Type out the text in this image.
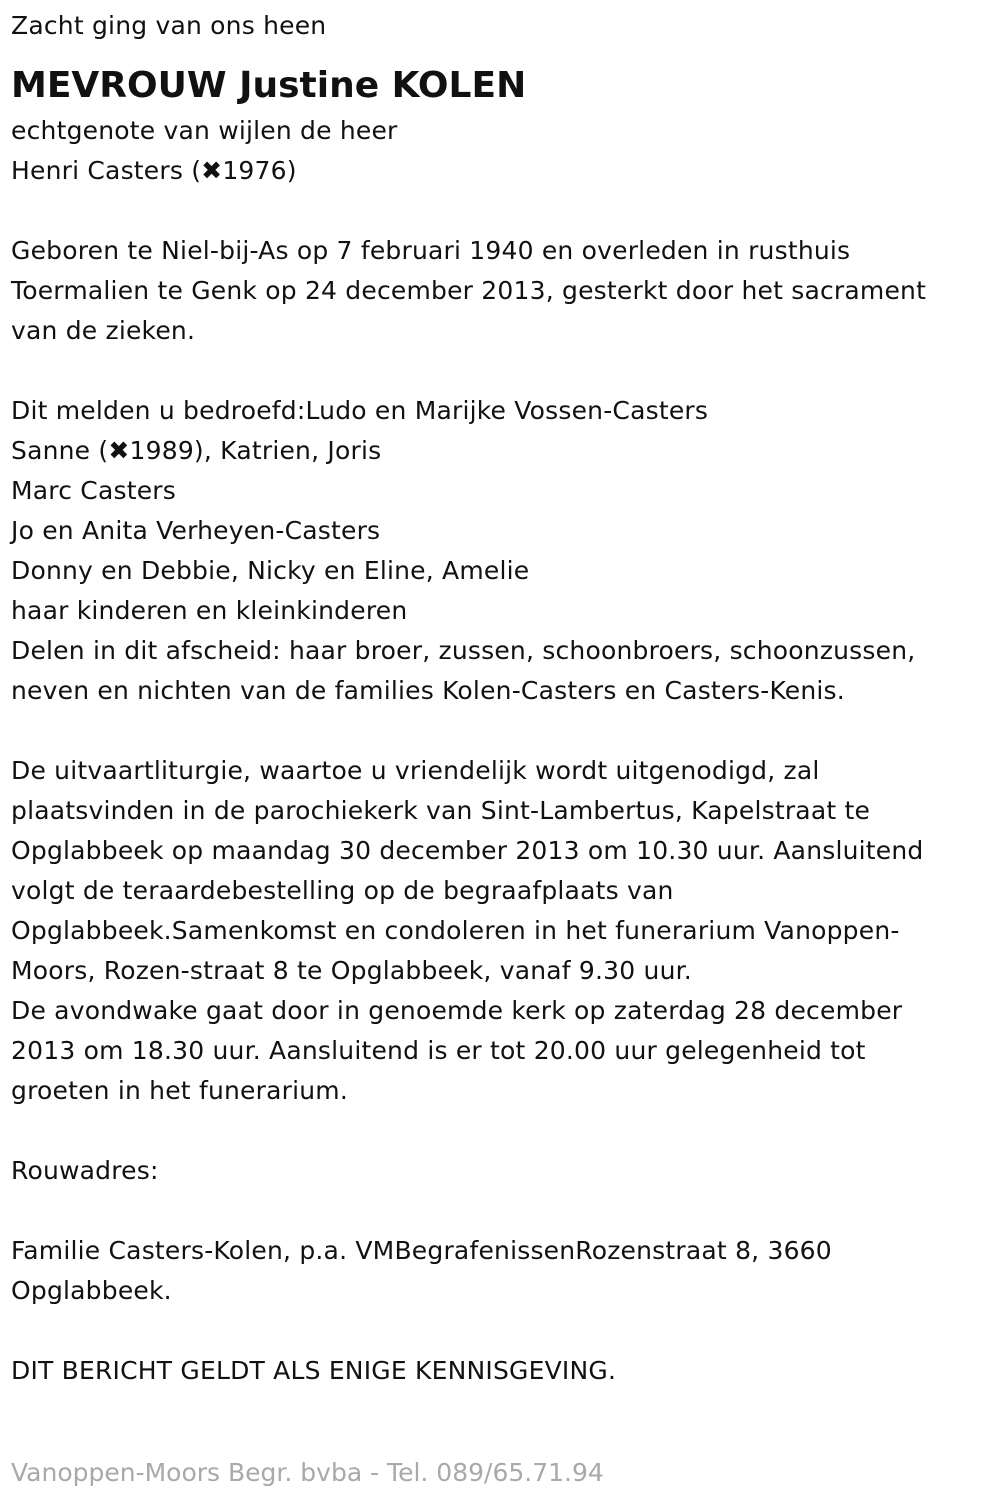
Zacht ging van ons heen

MEVROUW Justine KOLEN

echtgenote van wijlen de heer

Henri Casters (✖1976)

Geboren te Niel-bij-As op 7 februari 1940 en overleden in rusthuis

Toermalien te Genk op 24 december 2013, gesterkt door het sacrament

van de zieken.

Dit melden u bedroefd:Ludo en Marijke Vossen-Casters

Sanne (✖1989), Katrien, Joris

Marc Casters

Jo en Anita Verheyen-Casters

Donny en Debbie, Nicky en Eline, Amelie

haar kinderen en kleinkinderen

Delen in dit afscheid: haar broer, zussen, schoonbroers, schoonzussen,

neven en nichten van de families Kolen-Casters en Casters-Kenis.

De uitvaartliturgie, waartoe u vriendelijk wordt uitgenodigd, zal

plaatsvinden in de parochiekerk van Sint-Lambertus, Kapelstraat te

Opglabbeek op maandag 30 december 2013 om 10.30 uur. Aansluitend

volgt de teraardebestelling op de begraafplaats van

Opglabbeek.Samenkomst en condoleren in het funerarium Vanoppen-

Moors, Rozen-straat 8 te Opglabbeek, vanaf 9.30 uur.

De avondwake gaat door in genoemde kerk op zaterdag 28 december

2013 om 18.30 uur. Aansluitend is er tot 20.00 uur gelegenheid tot

groeten in het funerarium.

Rouwadres:

Familie Casters-Kolen, p.a. VMBegrafenissenRozenstraat 8, 3660

Opglabbeek.

DIT BERICHT GELDT ALS ENIGE KENNISGEVING.

Vanoppen-Moors Begr. bvba - Tel. 089/65.71.94
